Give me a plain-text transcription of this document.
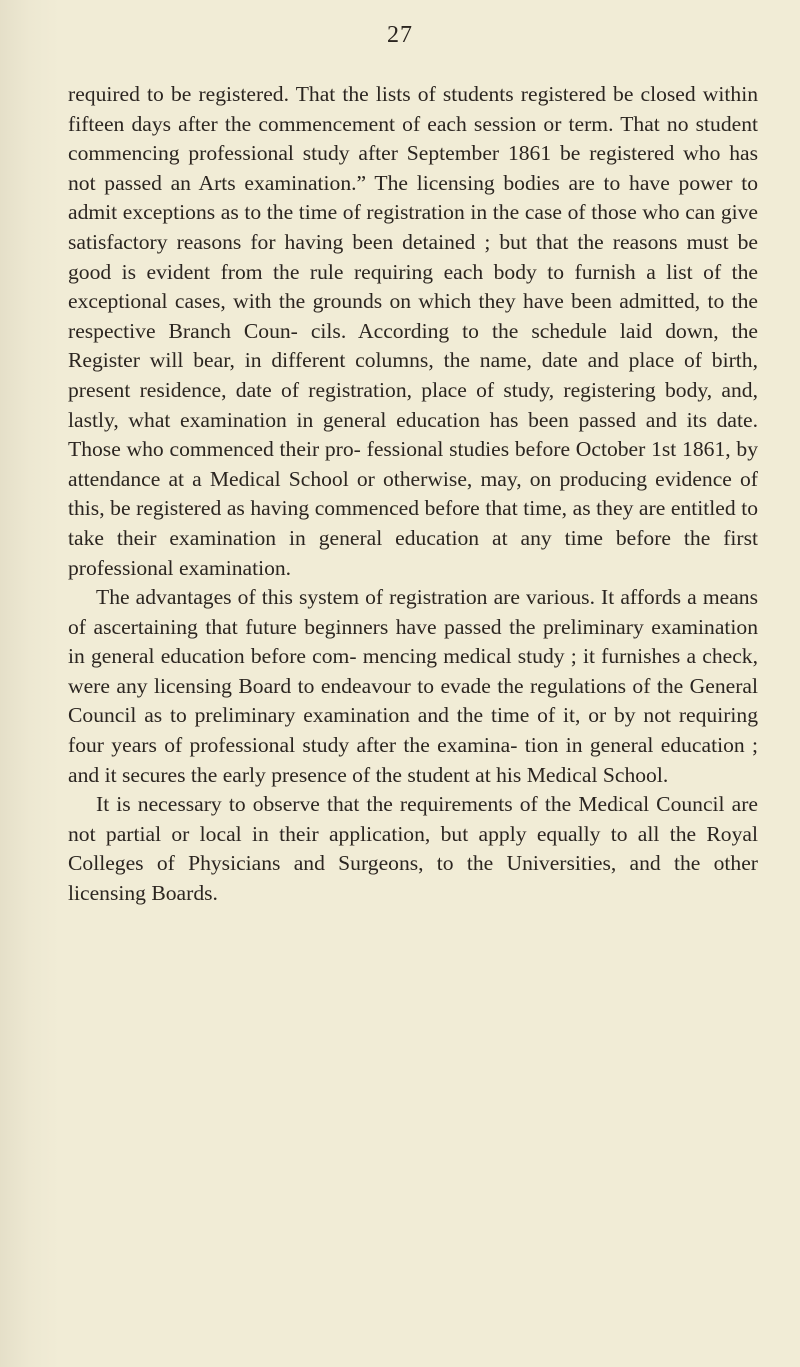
27

required to be registered. That the lists of students registered be closed within fifteen days after the commencement of each session or term. That no student commencing professional study after September 1861 be registered who has not passed an Arts examination.” The licensing bodies are to have power to admit exceptions as to the time of registration in the case of those who can give satisfactory reasons for having been detained ; but that the reasons must be good is evident from the rule requiring each body to furnish a list of the exceptional cases, with the grounds on which they have been admitted, to the respective Branch Coun- cils. According to the schedule laid down, the Register will bear, in different columns, the name, date and place of birth, present residence, date of registration, place of study, registering body, and, lastly, what examination in general education has been passed and its date. Those who commenced their pro- fessional studies before October 1st 1861, by attendance at a Medical School or otherwise, may, on producing evidence of this, be registered as having commenced before that time, as they are entitled to take their examination in general education at any time before the first professional examination.

The advantages of this system of registration are various. It affords a means of ascertaining that future beginners have passed the preliminary examination in general education before com- mencing medical study ; it furnishes a check, were any licensing Board to endeavour to evade the regulations of the General Council as to preliminary examination and the time of it, or by not requiring four years of professional study after the examina- tion in general education ; and it secures the early presence of the student at his Medical School.

It is necessary to observe that the requirements of the Medical Council are not partial or local in their application, but apply equally to all the Royal Colleges of Physicians and Surgeons, to the Universities, and the other licensing Boards.
